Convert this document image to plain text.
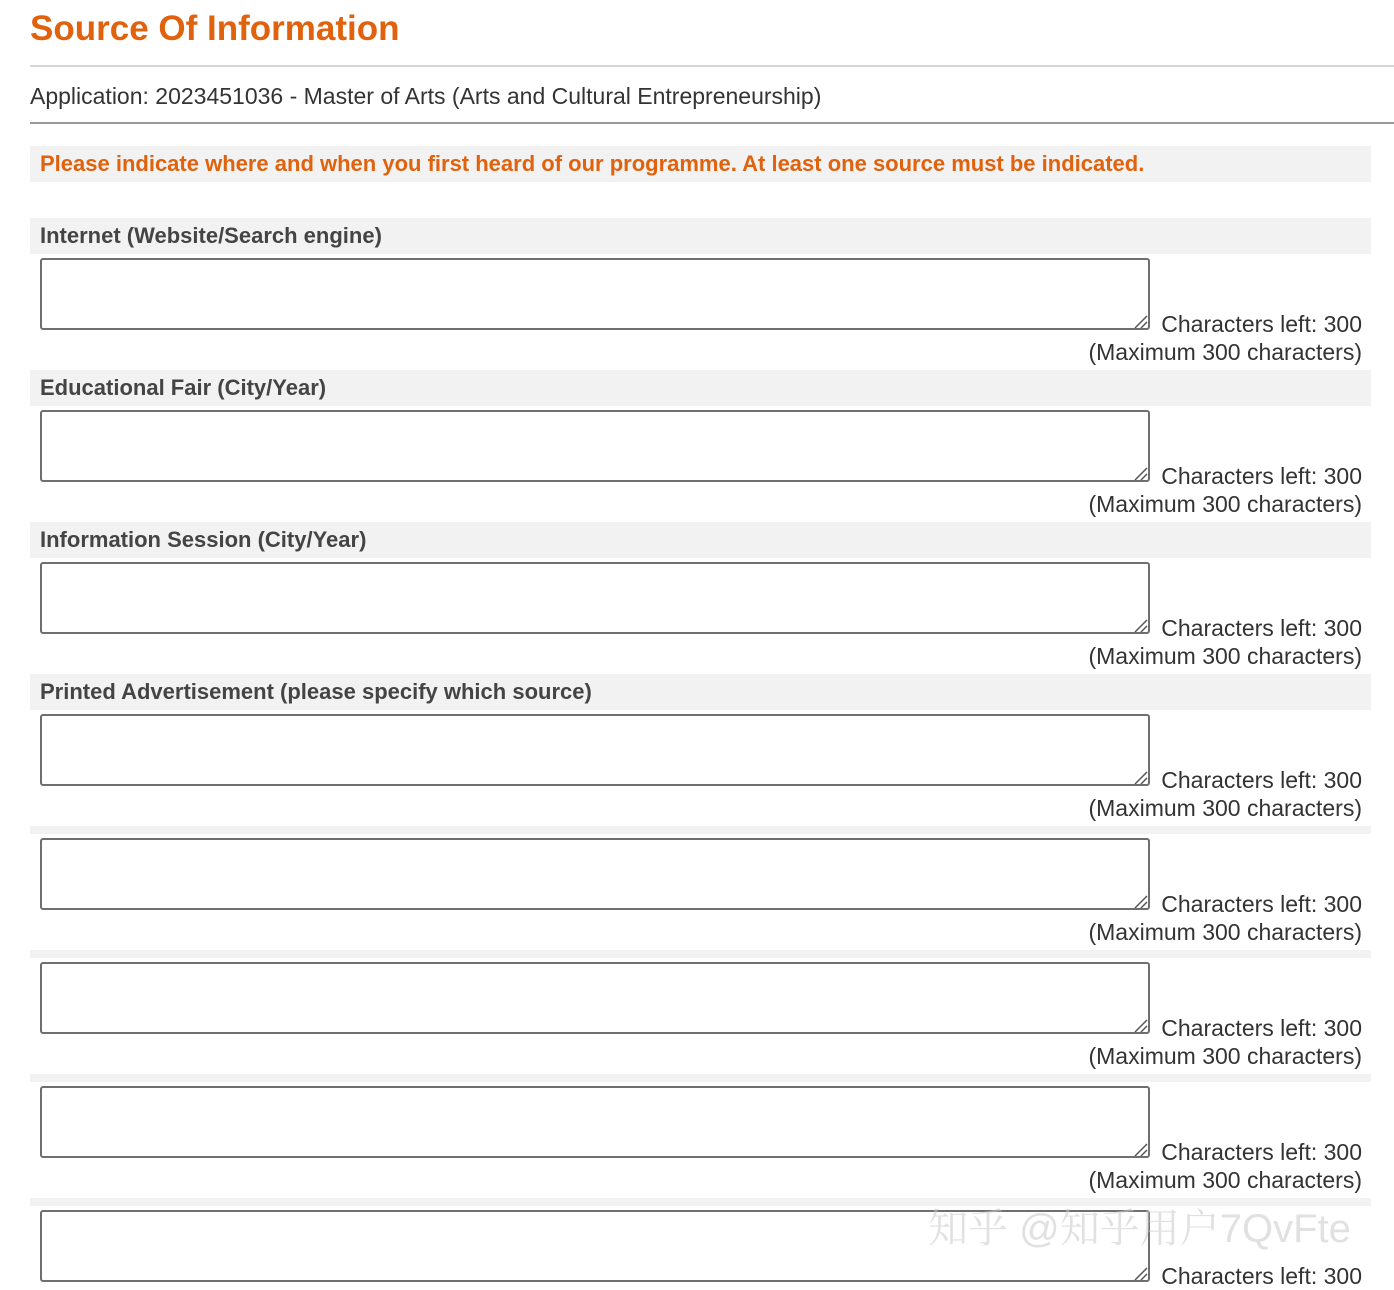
Source Of Information
Application: 2023451036 - Master of Arts (Arts and Cultural Entrepreneurship)
Please indicate where and when you first heard of our programme. At least one source must be indicated.
Internet (Website/Search engine)
Characters left: 300
(Maximum 300 characters)
Educational Fair (City/Year)
Characters left: 300
(Maximum 300 characters)
Information Session (City/Year)
Characters left: 300
(Maximum 300 characters)
Printed Advertisement (please specify which source)
Characters left: 300
(Maximum 300 characters)
Characters left: 300
(Maximum 300 characters)
Characters left: 300
(Maximum 300 characters)
Characters left: 300
(Maximum 300 characters)
Characters left: 300
知乎 @知乎用户7QvFte
